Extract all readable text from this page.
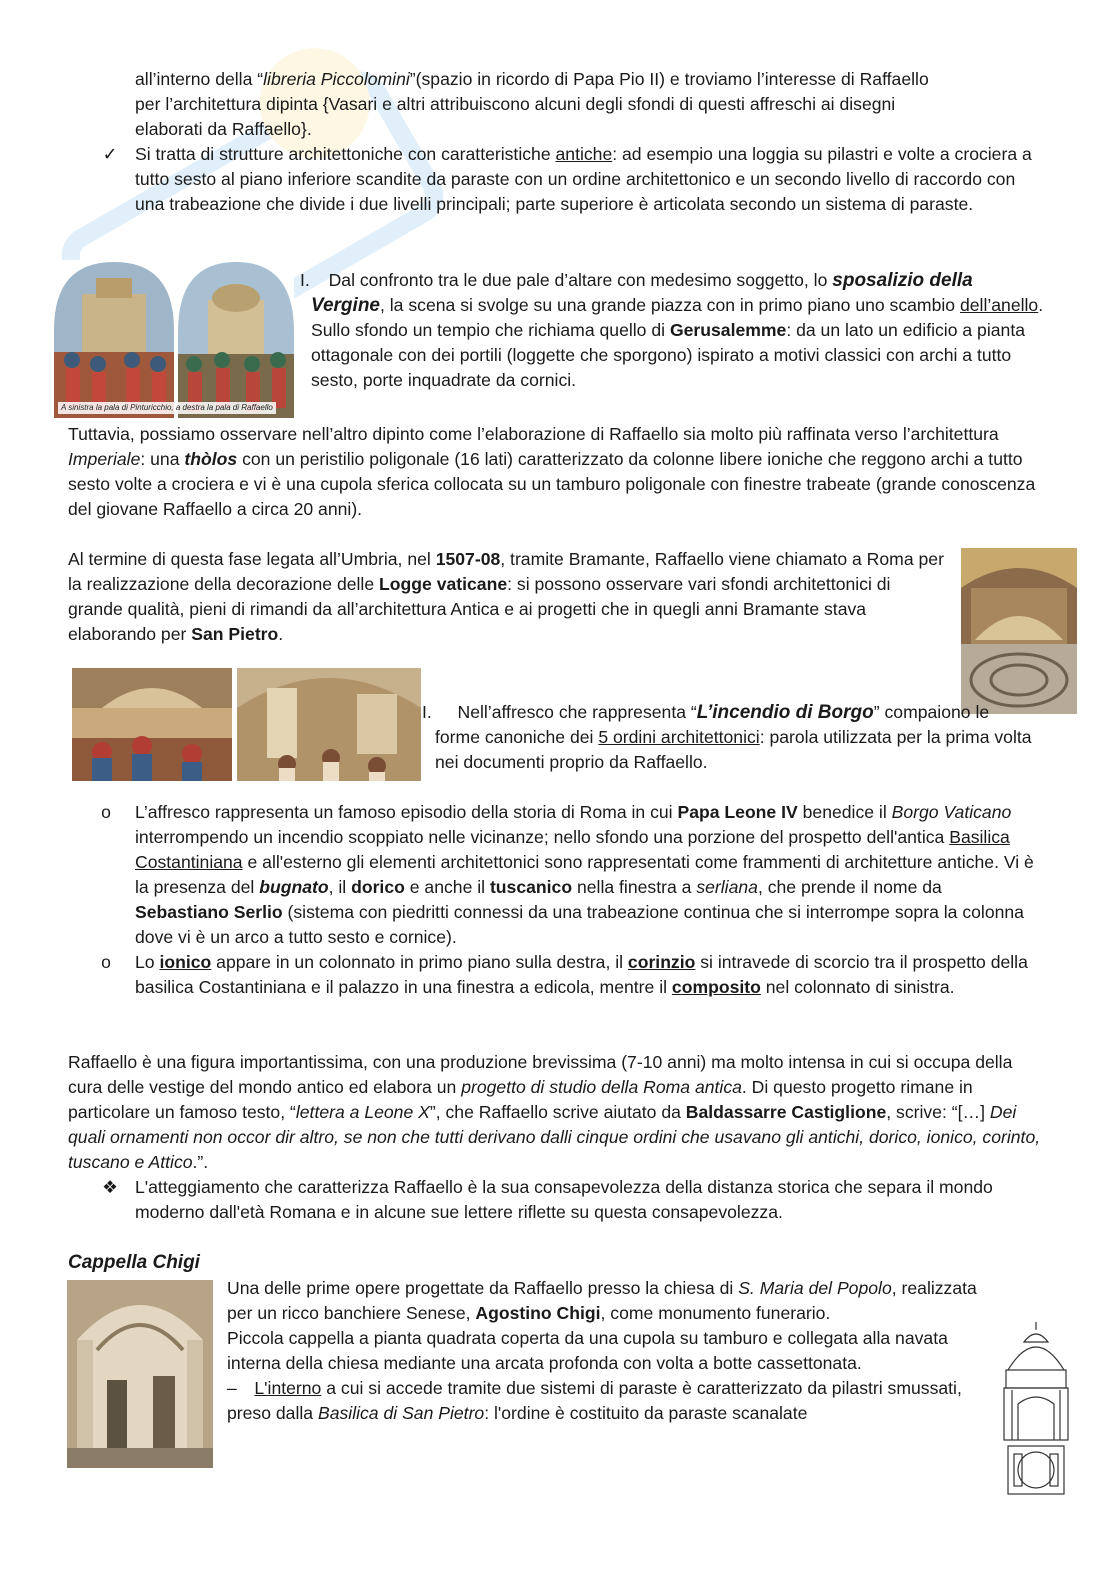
all’interno della “libreria Piccolomini”(spazio in ricordo di Papa Pio II) e troviamo l’interesse di Raffaello

per l’architettura dipinta {Vasari e altri attribuiscono alcuni degli sfondi di questi affreschi ai disegni

elaborati da Raffaello}.

✓ Si tratta di strutture architettoniche con caratteristiche antiche: ad esempio una loggia su pilastri e volte a crociera a tutto sesto al piano inferiore scandite da paraste con un ordine architettonico e un secondo livello di raccordo con una trabeazione che divide i due livelli principali; parte superiore è articolata secondo un sistema di paraste.

A sinistra la pala di Pinturicchio, a destra la pala di Raffaello
I.

 	Dal confronto tra le due pale d’altare con medesimo soggetto, lo sposalizio della Vergine, la scena si svolge su una grande piazza con in primo piano uno scambio dell’anello. Sullo sfondo un tempio che richiama quello di Gerusalemme: da un lato un edificio a pianta ottagonale con dei portili (loggette che sporgono) ispirato a motivi classici con archi a tutto sesto, porte inquadrate da cornici.

Tuttavia, possiamo osservare nell’altro dipinto come l’elaborazione di Raffaello sia molto più raffinata verso l’architettura Imperiale: una thòlos con un peristilio poligonale (16 lati) caratterizzato da colonne libere ioniche che reggono archi a tutto sesto volte a crociera e vi è una cupola sferica collocata su un tamburo poligonale con finestre trabeate (grande conoscenza del giovane Raffaello a circa 20 anni).

Al termine di questa fase legata all’Umbria, nel 1507-08, tramite Bramante, Raffaello viene chiamato a Roma per la realizzazione della decorazione delle Logge vaticane: si possono osservare vari sfondi architettonici di grande qualità, pieni di rimandi da all’architettura Antica e ai progetti che in quegli anni Bramante stava elaborando per San Pietro.

I.

 	Nell’affresco che rappresenta “L’incendio di Borgo” compaiono le forme canoniche dei 5 ordini architettonici: parola utilizzata per la prima volta nei documenti proprio da Raffaello.

o L’affresco rappresenta un famoso episodio della storia di Roma in cui Papa Leone IV benedice il Borgo Vaticano interrompendo un incendio scoppiato nelle vicinanze; nello sfondo una porzione del prospetto dell'antica Basilica Costantiniana e all'esterno gli elementi architettonici sono rappresentati come frammenti di architetture antiche. Vi è la presenza del bugnato, il dorico e anche il tuscanico nella finestra a serliana, che prende il nome da Sebastiano Serlio (sistema con piedritti connessi da una trabeazione continua che si interrompe sopra la colonna dove vi è un arco a tutto sesto e cornice).

o Lo ionico appare in un colonnato in primo piano sulla destra, il corinzio si intravede di scorcio tra il prospetto della basilica Costantiniana e il palazzo in una finestra a edicola, mentre il composito nel colonnato di sinistra.

Raffaello è una figura importantissima, con una produzione brevissima (7-10 anni) ma molto intensa in cui si occupa della cura delle vestige del mondo antico ed elabora un progetto di studio della Roma antica. Di questo progetto rimane in particolare un famoso testo, “lettera a Leone X”, che Raffaello scrive aiutato da Baldassarre Castiglione, scrive: “[…] Dei quali ornamenti non occor dir altro, se non che tutti derivano dalli cinque ordini che usavano gli antichi, dorico, ionico, corinto, tuscano e Attico.”.

❖ L'atteggiamento che caratterizza Raffaello è la sua consapevolezza della distanza storica che separa il mondo moderno dall'età Romana e in alcune sue lettere riflette su questa consapevolezza.

Cappella Chigi

Una delle prime opere progettate da Raffaello presso la chiesa di S. Maria del Popolo, realizzata per un ricco banchiere Senese, Agostino Chigi, come monumento funerario.

Piccola cappella a pianta quadrata coperta da una cupola su tamburo e collegata alla navata interna della chiesa mediante una arcata profonda con volta a botte cassettonata.

–  L'interno a cui si accede tramite due sistemi di paraste è caratterizzato da pilastri smussati, preso dalla Basilica di San Pietro: l'ordine è costituito da paraste scanalate
